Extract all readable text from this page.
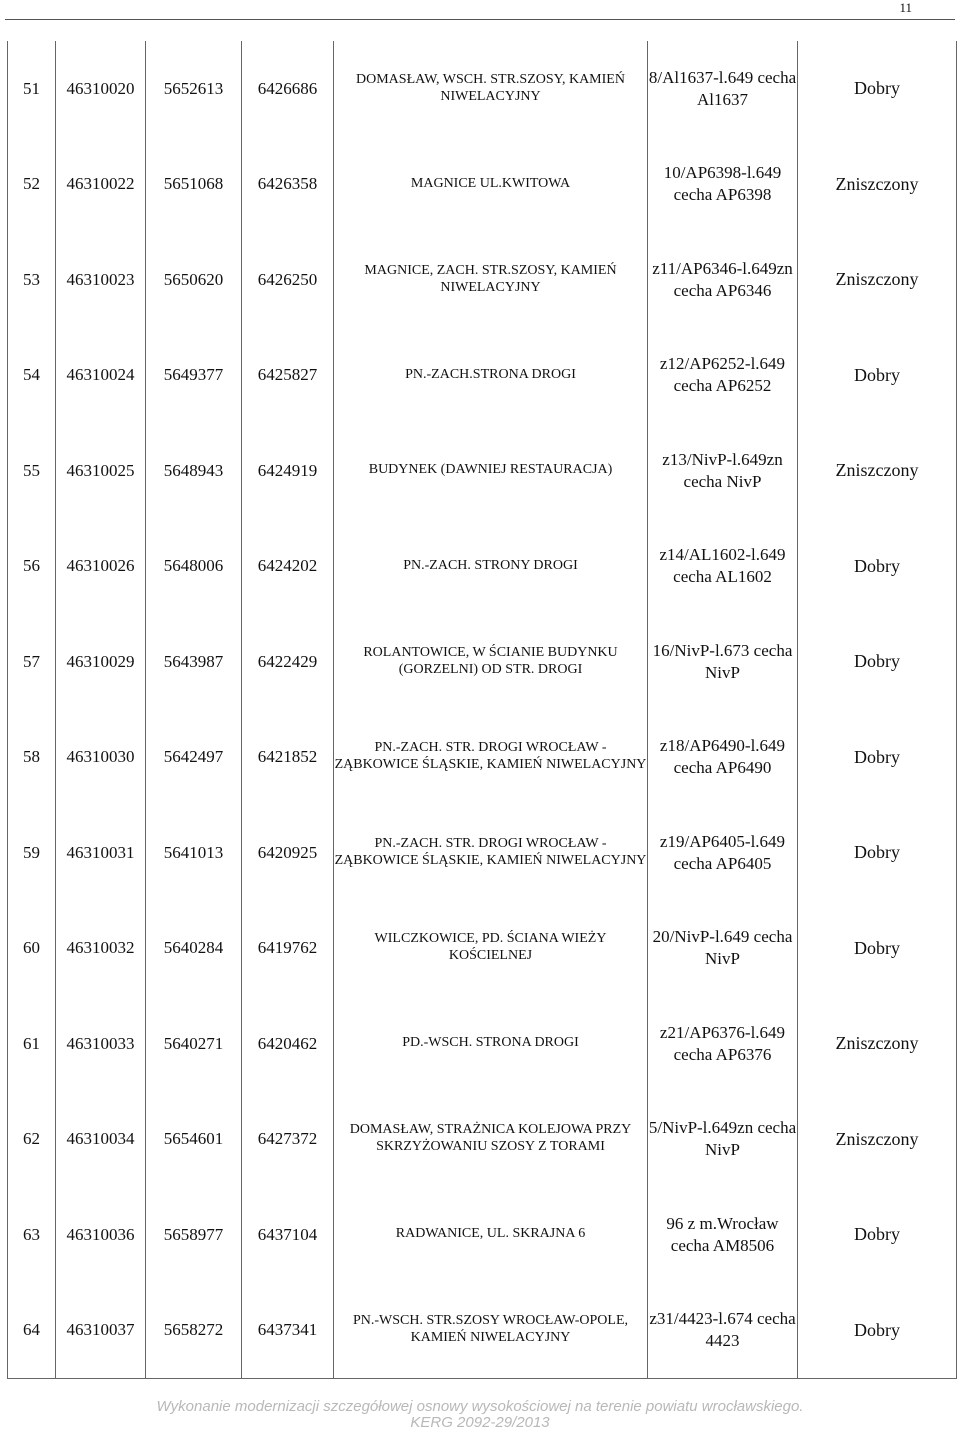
11
51	46310020	5652613	6426686	DOMASŁAW, WSCH. STR.SZOSY, KAMIEŃ NIWELACYJNY	8/Al1637-l.649 cecha Al1637	Dobry
52	46310022	5651068	6426358	MAGNICE UL.KWITOWA	10/AP6398-l.649 cecha AP6398	Zniszczony
53	46310023	5650620	6426250	MAGNICE, ZACH. STR.SZOSY, KAMIEŃ NIWELACYJNY	z11/AP6346-l.649zn cecha AP6346	Zniszczony
54	46310024	5649377	6425827	PN.-ZACH.STRONA DROGI	z12/AP6252-l.649 cecha AP6252	Dobry
55	46310025	5648943	6424919	BUDYNEK (DAWNIEJ RESTAURACJA)	z13/NivP-l.649zn cecha NivP	Zniszczony
56	46310026	5648006	6424202	PN.-ZACH. STRONY DROGI	z14/AL1602-l.649 cecha AL1602	Dobry
57	46310029	5643987	6422429	ROLANTOWICE, W ŚCIANIE BUDYNKU (GORZELNI) OD STR. DROGI	16/NivP-l.673 cecha NivP	Dobry
58	46310030	5642497	6421852	PN.-ZACH. STR. DROGI WROCŁAW - ZĄBKOWICE ŚLĄSKIE, KAMIEŃ NIWELACYJNY	z18/AP6490-l.649 cecha AP6490	Dobry
59	46310031	5641013	6420925	PN.-ZACH. STR. DROGI WROCŁAW - ZĄBKOWICE ŚLĄSKIE, KAMIEŃ NIWELACYJNY	z19/AP6405-l.649 cecha AP6405	Dobry
60	46310032	5640284	6419762	WILCZKOWICE, PD. ŚCIANA WIEŻY KOŚCIELNEJ	20/NivP-l.649 cecha NivP	Dobry
61	46310033	5640271	6420462	PD.-WSCH. STRONA DROGI	z21/AP6376-l.649 cecha AP6376	Zniszczony
62	46310034	5654601	6427372	DOMASŁAW, STRAŻNICA KOLEJOWA PRZY SKRZYŻOWANIU SZOSY Z TORAMI	5/NivP-l.649zn cecha NivP	Zniszczony
63	46310036	5658977	6437104	RADWANICE, UL. SKRAJNA 6	96 z m.Wrocław cecha AM8506	Dobry
64	46310037	5658272	6437341	PN.-WSCH. STR.SZOSY WROCŁAW-OPOLE, KAMIEŃ NIWELACYJNY	z31/4423-l.674 cecha 4423	Dobry
Wykonanie modernizacji szczegółowej osnowy wysokościowej na terenie powiatu wrocławskiego.
KERG 2092-29/2013
